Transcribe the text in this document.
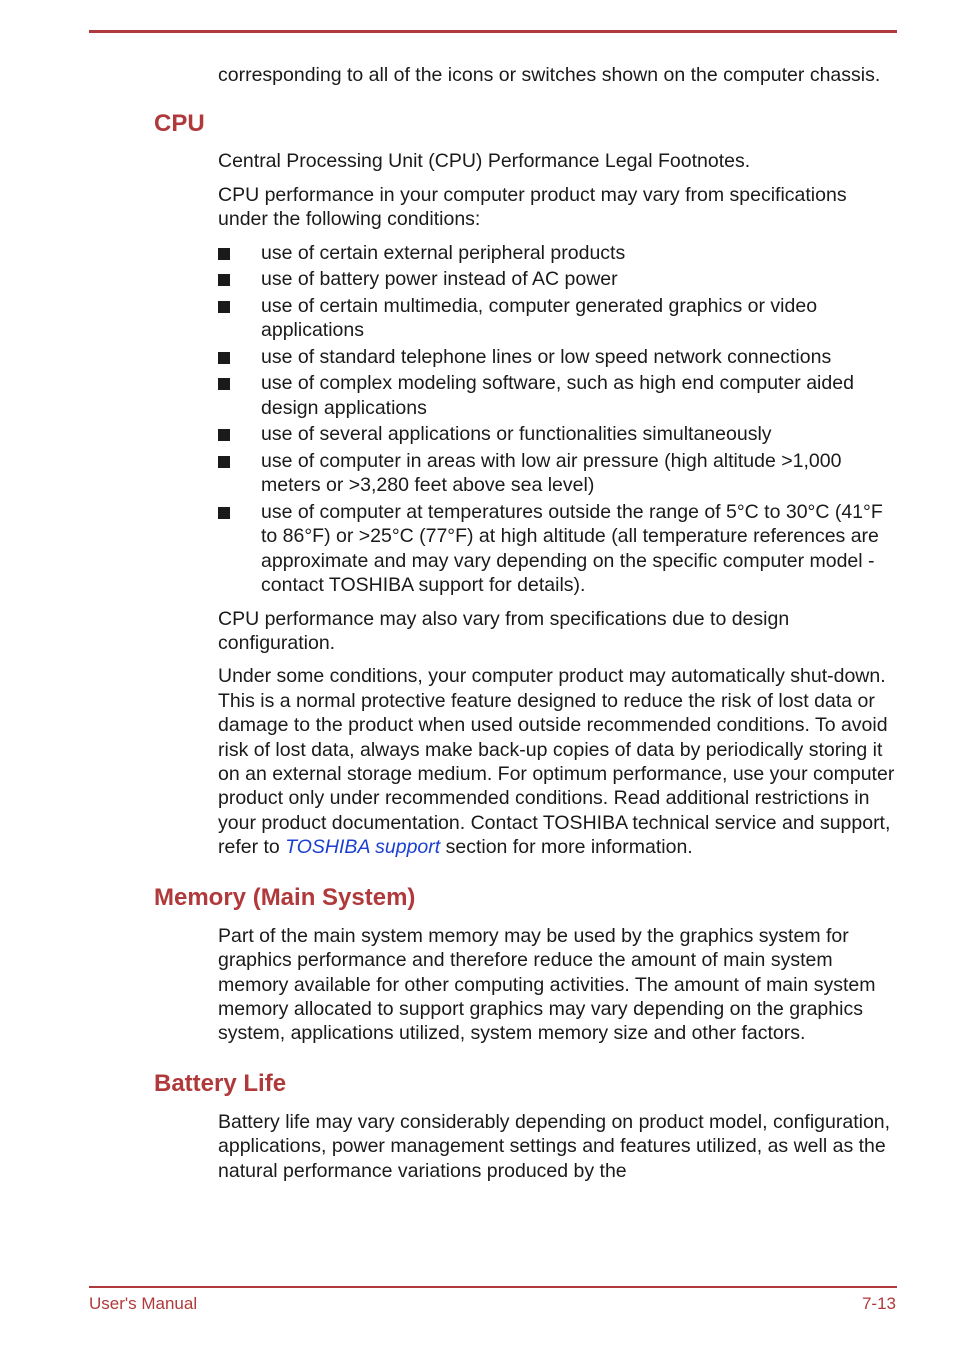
corresponding to all of the icons or switches shown on the computer chassis.

CPU

Central Processing Unit (CPU) Performance Legal Footnotes.

CPU performance in your computer product may vary from specifications under the following conditions:

use of certain external peripheral products
use of battery power instead of AC power
use of certain multimedia, computer generated graphics or video applications
use of standard telephone lines or low speed network connections
use of complex modeling software, such as high end computer aided design applications
use of several applications or functionalities simultaneously
use of computer in areas with low air pressure (high altitude >1,000 meters or >3,280 feet above sea level)
use of computer at temperatures outside the range of 5°C to 30°C (41°F to 86°F) or >25°C (77°F) at high altitude (all temperature references are approximate and may vary depending on the specific computer model - contact TOSHIBA support for details).

CPU performance may also vary from specifications due to design configuration.

Under some conditions, your computer product may automatically shut-down. This is a normal protective feature designed to reduce the risk of lost data or damage to the product when used outside recommended conditions. To avoid risk of lost data, always make back-up copies of data by periodically storing it on an external storage medium. For optimum performance, use your computer product only under recommended conditions. Read additional restrictions in your product documentation. Contact TOSHIBA technical service and support, refer to TOSHIBA support section for more information.

Memory (Main System)

Part of the main system memory may be used by the graphics system for graphics performance and therefore reduce the amount of main system memory available for other computing activities. The amount of main system memory allocated to support graphics may vary depending on the graphics system, applications utilized, system memory size and other factors.

Battery Life

Battery life may vary considerably depending on product model, configuration, applications, power management settings and features utilized, as well as the natural performance variations produced by the

User's Manual	7-13
